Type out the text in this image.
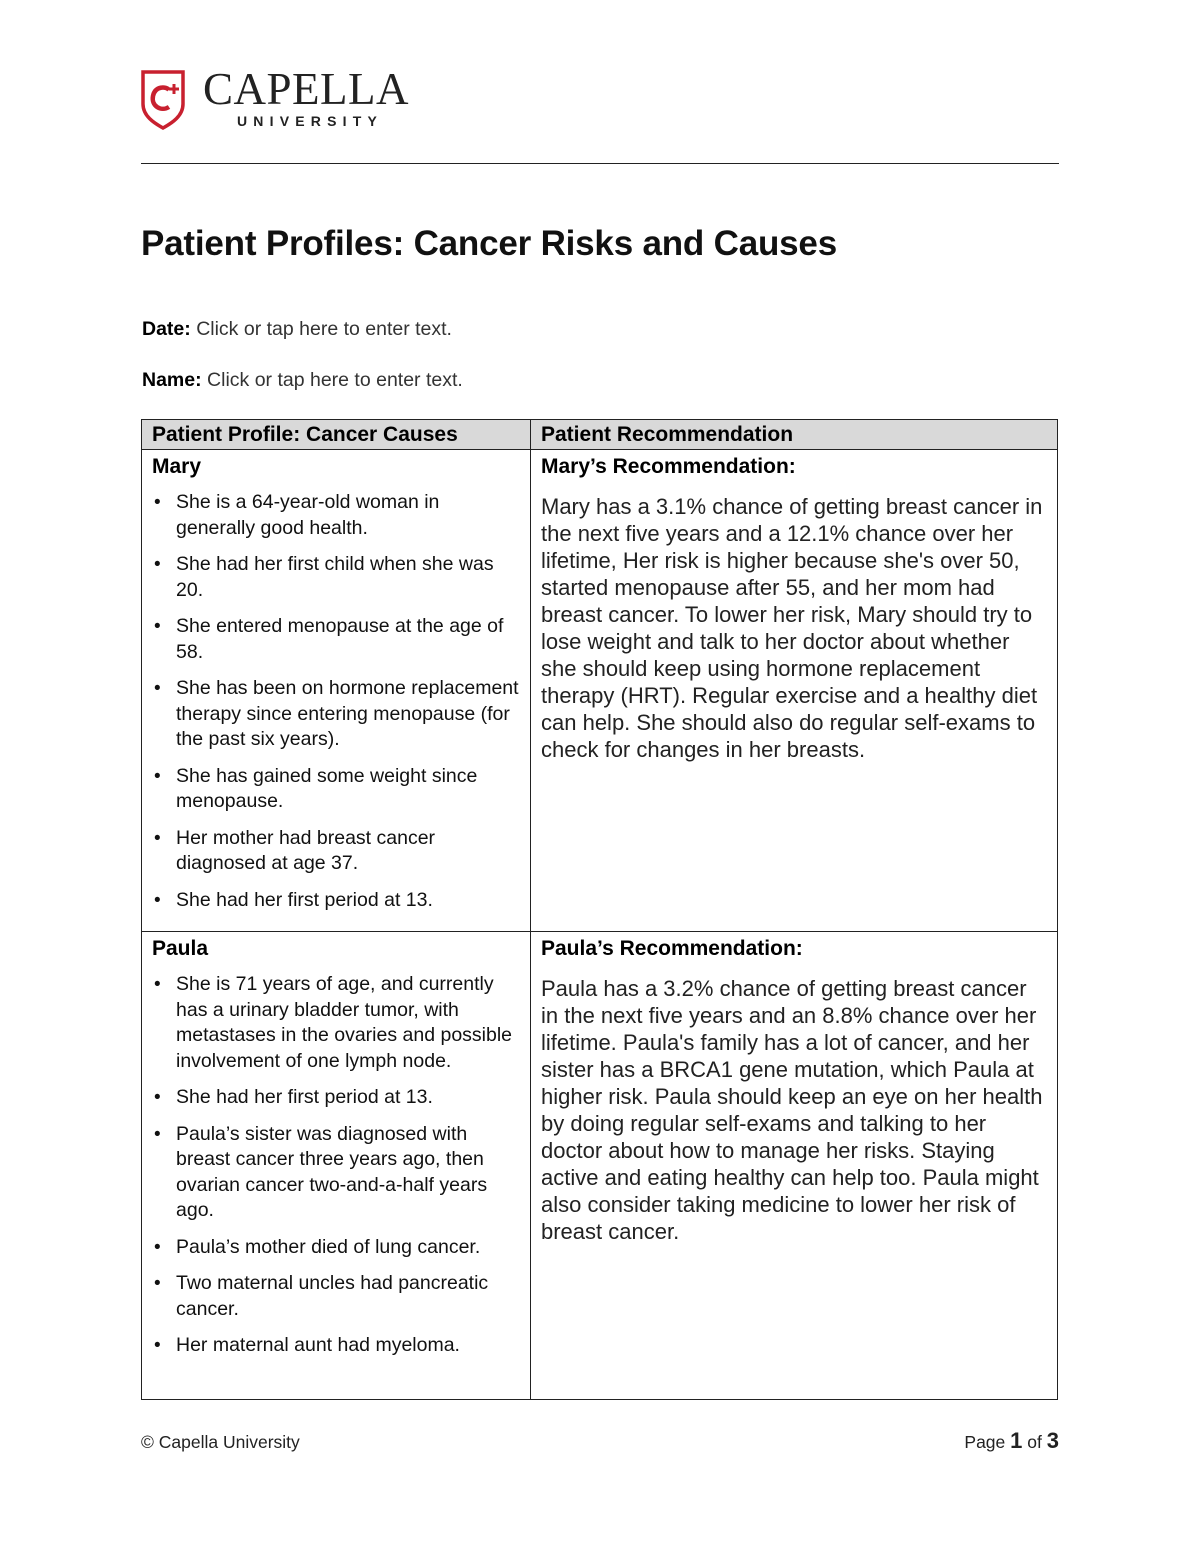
CAPELLA
UNIVERSITY
Patient Profiles: Cancer Risks and Causes
Date: Click or tap here to enter text.
Name: Click or tap here to enter text.
Patient Profile: Cancer Causes	Patient Recommendation
Mary
• She is a 64-year-old woman in generally good health.
• She had her first child when she was 20.
• She entered menopause at the age of 58.
• She has been on hormone replacement therapy since entering menopause (for the past six years).
• She has gained some weight since menopause.
• Her mother had breast cancer diagnosed at age 37.
• She had her first period at 13.
Mary’s Recommendation:

Mary has a 3.1% chance of getting breast cancer in the next five years and a 12.1% chance over her lifetime, Her risk is higher because she's over 50, started menopause after 55, and her mom had breast cancer. To lower her risk, Mary should try to lose weight and talk to her doctor about whether she should keep using hormone replacement therapy (HRT). Regular exercise and a healthy diet can help. She should also do regular self-exams to check for changes in her breasts.

Paula
• She is 71 years of age, and currently has a urinary bladder tumor, with metastases in the ovaries and possible involvement of one lymph node.
• She had her first period at 13.
• Paula’s sister was diagnosed with breast cancer three years ago, then ovarian cancer two-and-a-half years ago.
• Paula’s mother died of lung cancer.
• Two maternal uncles had pancreatic cancer.
• Her maternal aunt had myeloma.
Paula’s Recommendation:

Paula has a 3.2% chance of getting breast cancer in the next five years and an 8.8% chance over her lifetime. Paula's family has a lot of cancer, and her sister has a BRCA1 gene mutation, which Paula at higher risk. Paula should keep an eye on her health by doing regular self-exams and talking to her doctor about how to manage her risks. Staying active and eating healthy can help too. Paula might also consider taking medicine to lower her risk of breast cancer.

© Capella University	Page 1 of 3
